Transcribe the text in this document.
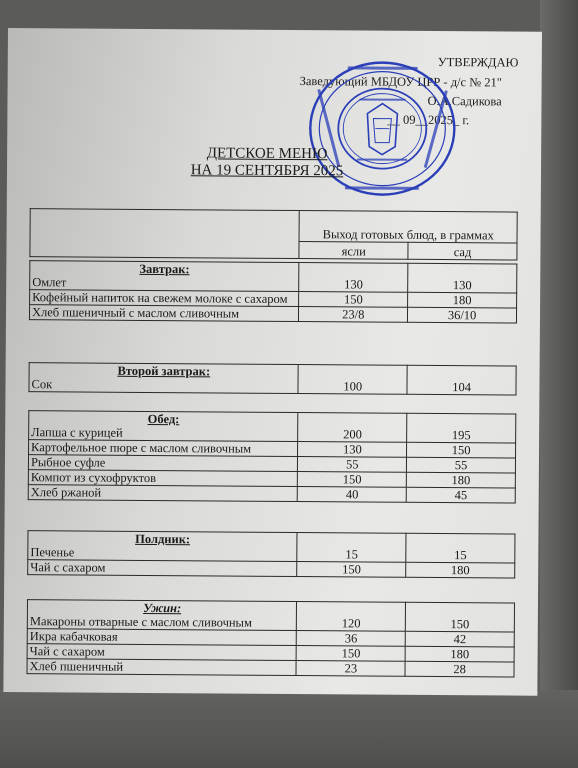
УТВЕРЖДАЮ
Заведующий МБДОУ ЦРР - д/с № 21"
О.А.Садикова
__ 09__2025_ г.
ДЕТСКОЕ МЕНЮ
НА 19 СЕНТЯБРЯ 2025
	Выход готовых блюд, в граммах	
	ясли	сад
Завтрак:
Омлет	130	130
Кофейный напиток на свежем молоке с сахаром	150	180
Хлеб пшеничный с маслом сливочным	23/8	36/10
Второй завтрак:
Сок	100	104
Обед:
Лапша с курицей	200	195
Картофельное пюре с маслом сливочным	130	150
Рыбное суфле	55	55
Компот из сухофруктов	150	180
Хлеб ржаной	40	45
Полдник:
Печенье	15	15
Чай с сахаром	150	180
Ужин:
Макароны отварные с маслом сливочным	120	150
Икра кабачковая	36	42
Чай с сахаром	150	180
Хлеб пшеничный	23	28
